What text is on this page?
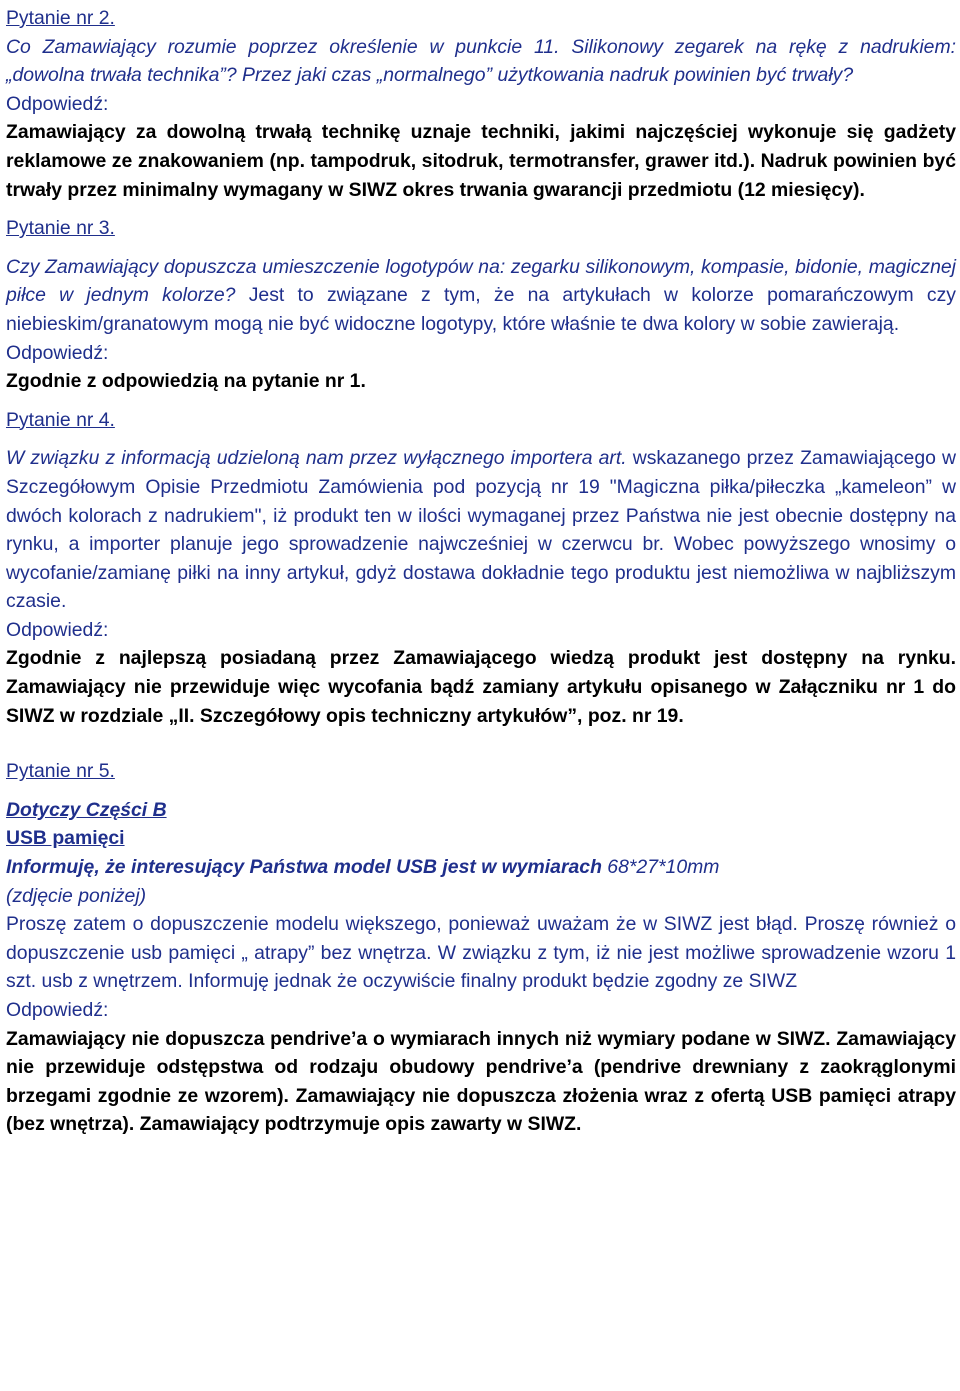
Pytanie nr 2.

Co Zamawiający rozumie poprzez określenie w punkcie 11. Silikonowy zegarek na rękę z nadrukiem: „dowolna trwała technika”? Przez jaki czas „normalnego” użytkowania nadruk powinien być trwały?

Odpowiedź:

Zamawiający za dowolną trwałą technikę uznaje techniki, jakimi najczęściej wykonuje się gadżety reklamowe ze znakowaniem (np. tampodruk, sitodruk, termotransfer, grawer itd.). Nadruk powinien być trwały przez minimalny wymagany w SIWZ okres trwania gwarancji przedmiotu (12 miesięcy).

Pytanie nr 3.

Czy Zamawiający dopuszcza umieszczenie logotypów na: zegarku silikonowym, kompasie, bidonie, magicznej piłce w jednym kolorze? Jest to związane z tym, że na artykułach w kolorze pomarańczowym czy niebieskim/granatowym mogą nie być widoczne logotypy, które właśnie te dwa kolory w sobie zawierają.

Odpowiedź:

Zgodnie z odpowiedzią na pytanie nr 1.

Pytanie nr 4.

W związku z informacją udzieloną nam przez wyłącznego importera art. wskazanego przez Zamawiającego w Szczegółowym Opisie Przedmiotu Zamówienia pod pozycją nr 19 "Magiczna piłka/piłeczka „kameleon” w dwóch kolorach z nadrukiem", iż produkt ten w ilości wymaganej przez Państwa nie jest obecnie dostępny na rynku, a importer planuje jego sprowadzenie najwcześniej w czerwcu br. Wobec powyższego wnosimy o wycofanie/zamianę piłki na inny artykuł, gdyż dostawa dokładnie tego produktu jest niemożliwa w najbliższym czasie.

Odpowiedź:

Zgodnie z najlepszą posiadaną przez Zamawiającego wiedzą produkt jest dostępny na rynku. Zamawiający nie przewiduje więc wycofania bądź zamiany artykułu opisanego w Załączniku nr 1 do SIWZ w rozdziale „II. Szczegółowy opis techniczny artykułów”, poz. nr 19.

Pytanie nr 5.

Dotyczy Części B

USB pamięci

Informuję, że interesujący Państwa model USB jest w wymiarach 68*27*10mm

(zdjęcie poniżej)

Proszę zatem o dopuszczenie modelu większego, ponieważ uważam że w SIWZ jest błąd. Proszę również o dopuszczenie usb pamięci „ atrapy” bez wnętrza. W związku z tym, iż nie jest możliwe sprowadzenie wzoru 1 szt. usb z wnętrzem. Informuję jednak że oczywiście finalny produkt będzie zgodny ze SIWZ

Odpowiedź:

Zamawiający nie dopuszcza pendrive’a o wymiarach innych niż wymiary podane w SIWZ. Zamawiający nie przewiduje odstępstwa od rodzaju obudowy pendrive’a (pendrive drewniany z zaokrąglonymi brzegami zgodnie ze wzorem). Zamawiający nie dopuszcza złożenia wraz z ofertą USB pamięci atrapy (bez wnętrza). Zamawiający podtrzymuje opis zawarty w SIWZ.
